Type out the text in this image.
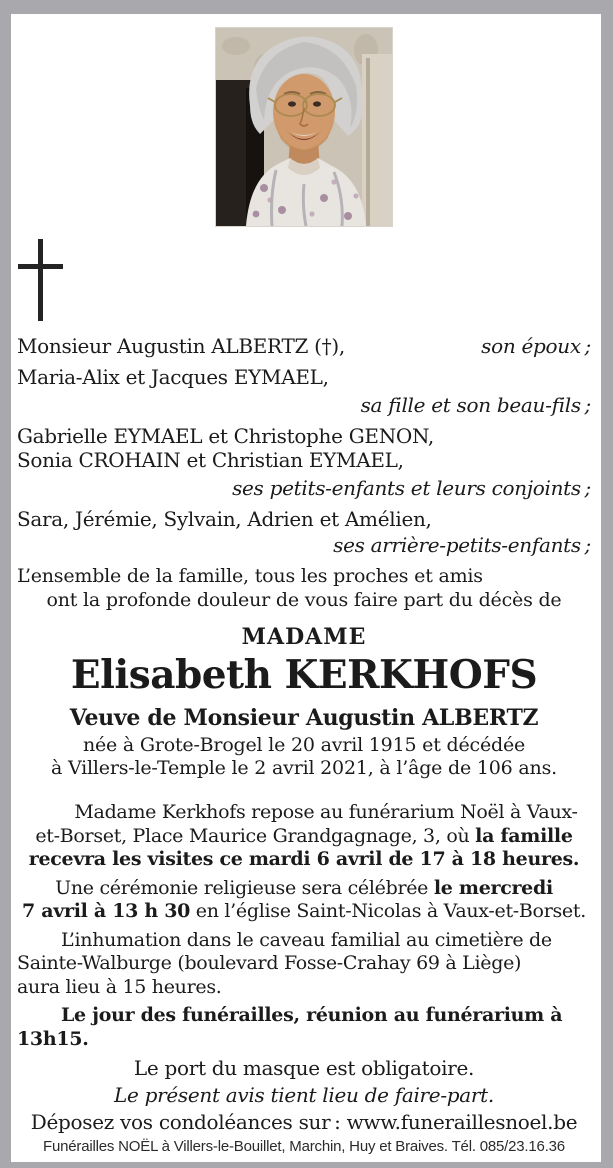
Monsieur Augustin ALBERTZ (†),	son époux ;
Maria-Alix et Jacques EYMAEL,
sa fille et son beau-fils ;
Gabrielle EYMAEL et Christophe GENON,
Sonia CROHAIN et Christian EYMAEL,
ses petits-enfants et leurs conjoints ;
Sara, Jérémie, Sylvain, Adrien et Amélien,
ses arrière-petits-enfants ;
L’ensemble de la famille, tous les proches et amis
ont la profonde douleur de vous faire part du décès de
MADAME
Elisabeth KERKHOFS
Veuve de Monsieur Augustin ALBERTZ
née à Grote-Brogel le 20 avril 1915 et décédée
à Villers-le-Temple le 2 avril 2021, à l’âge de 106 ans.
Madame Kerkhofs repose au funérarium Noël à Vaux-
et-Borset, Place Maurice Grandgagnage, 3, où la famille
recevra les visites ce mardi 6 avril de 17 à 18 heures.
Une cérémonie religieuse sera célébrée le mercredi
7 avril à 13 h 30 en l’église Saint-Nicolas à Vaux-et-Borset.
L’inhumation dans le caveau familial au cimetière de
Sainte-Walburge (boulevard Fosse-Crahay 69 à Liège)
aura lieu à 15 heures.
Le jour des funérailles, réunion au funérarium à
13h15.
Le port du masque est obligatoire.
Le présent avis tient lieu de faire-part.
Déposez vos condoléances sur : www.funeraillesnoel.be
Funérailles NOËL à Villers-le-Bouillet, Marchin, Huy et Braives. Tél. 085/23.16.36
